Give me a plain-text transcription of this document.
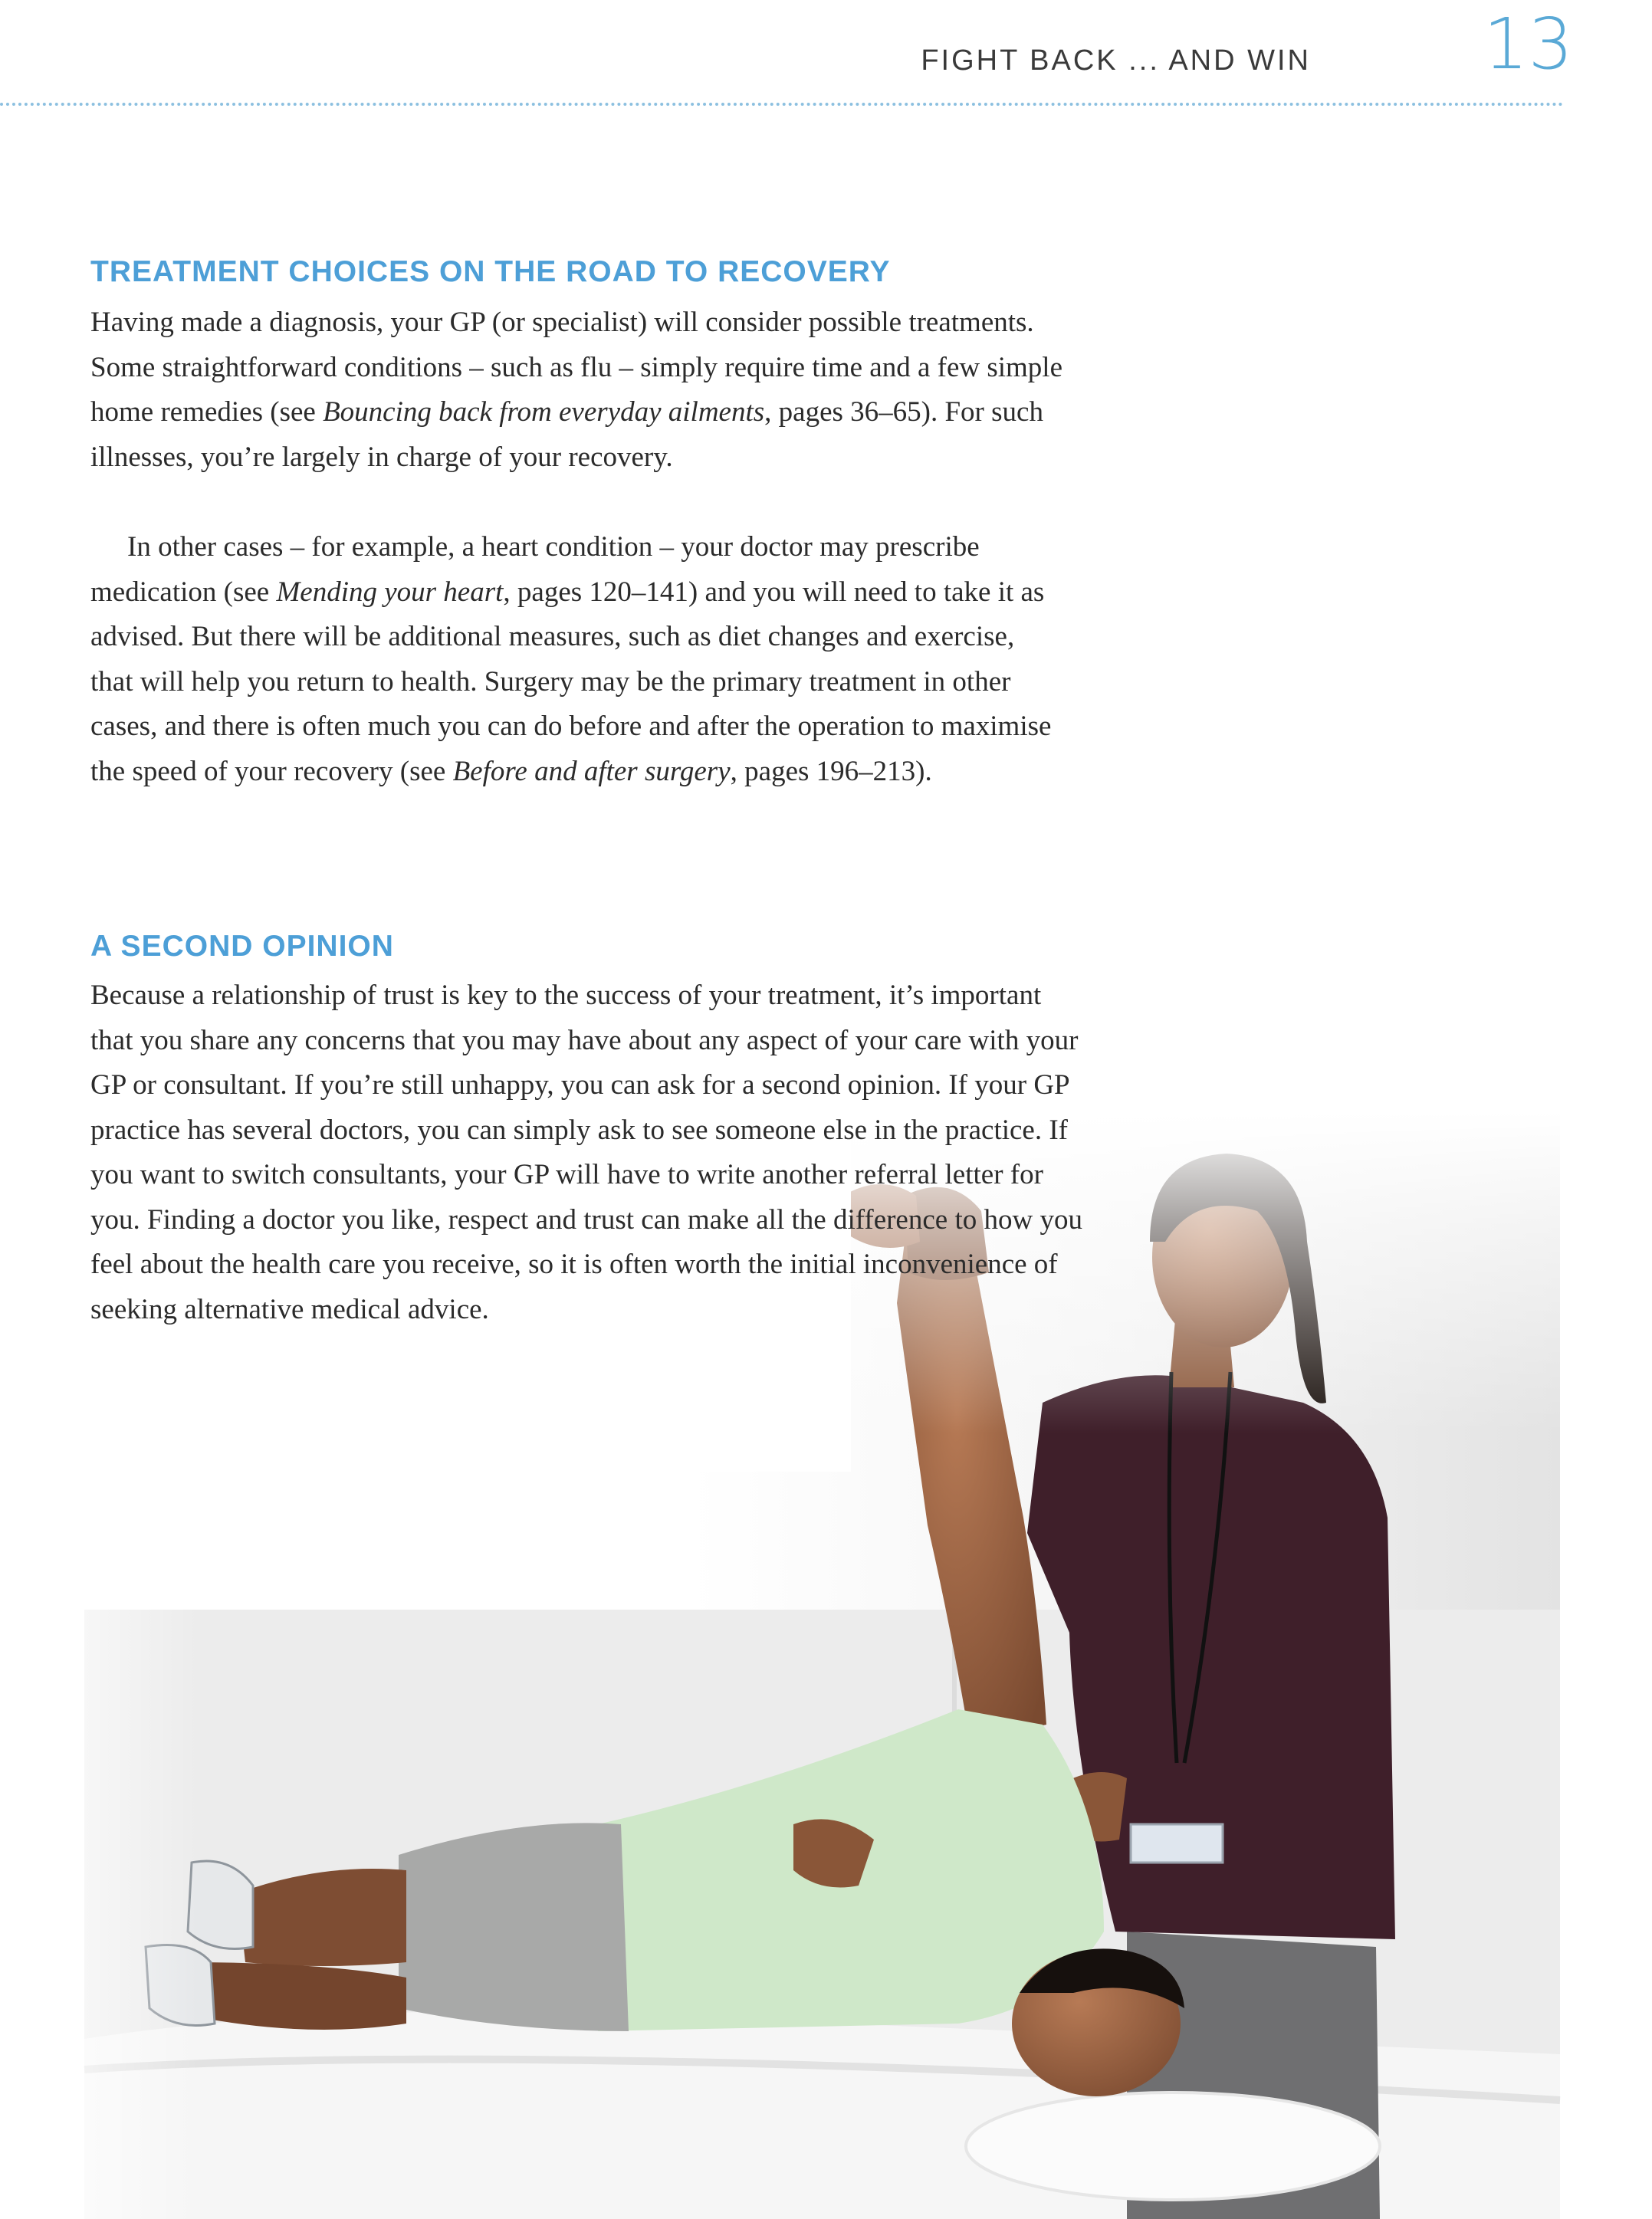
FIGHT BACK ... AND WIN 13
TREATMENT CHOICES ON THE ROAD TO RECOVERY

Having made a diagnosis, your GP (or specialist) will consider possible treatments. Some straightforward conditions – such as flu – simply require time and a few simple home remedies (see Bouncing back from everyday ailments, pages 36–65). For such illnesses, you’re largely in charge of your recovery.

In other cases – for example, a heart condition – your doctor may prescribe medication (see Mending your heart, pages 120–141) and you will need to take it as advised. But there will be additional measures, such as diet changes and exercise, that will help you return to health. Surgery may be the primary treatment in other cases, and there is often much you can do before and after the operation to maximise the speed of your recovery (see Before and after surgery, pages 196–213).

A SECOND OPINION

Because a relationship of trust is key to the success of your treatment, it’s important that you share any concerns that you may have about any aspect of your care with your GP or consultant. If you’re still unhappy, you can ask for a second opinion. If your GP practice has several doctors, you can simply ask to see someone else in the practice. If you want to switch consultants, your GP will have to write another referral letter for you. Finding a doctor you like, respect and trust can make all the difference to how you feel about the health care you receive, so it is often worth the initial inconvenience of seeking alternative medical advice.
